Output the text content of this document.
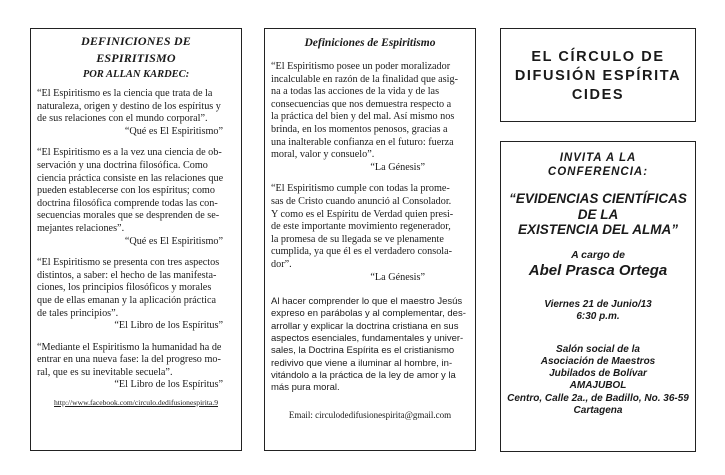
DEFINICIONES DE
ESPIRITISMO
POR ALLAN KARDEC:
“El Espiritismo es la ciencia que trata de la
naturaleza, origen y destino de los espíritus y
de sus relaciones con el mundo corporal”.
“Qué es El Espiritismo”
“El Espiritismo es a la vez una ciencia de ob-
servación y una doctrina filosófica. Como
ciencia práctica consiste en las relaciones que
pueden establecerse con los espíritus; como
doctrina filosófica comprende todas las con-
secuencias morales que se desprenden de se-
mejantes relaciones”.
“Qué es El Espiritismo”
“El Espiritismo se presenta con tres aspectos
distintos, a saber: el hecho de las manifesta-
ciones, los principios filosóficos y morales
que de ellas emanan y la aplicación práctica
de tales principios”.
“El Libro de los Espíritus”
“Mediante el Espiritismo la humanidad ha de
entrar en una nueva fase: la del progreso mo-
ral, que es su inevitable secuela”.
“El Libro de los Espíritus”
http://www.facebook.com/circulo.dedifusionespirita.9
Definiciones de Espiritismo
“El Espiritismo posee un poder moralizador
incalculable en razón de la finalidad que asig-
na a todas las acciones de la vida y de las
consecuencias que nos demuestra respecto a
la práctica del bien y del mal. Así mismo nos
brinda, en los momentos penosos, gracias a
una inalterable confianza en el futuro: fuerza
moral, valor y consuelo”.
“La Génesis”
“El Espiritismo cumple con todas la prome-
sas de Cristo cuando anunció al Consolador.
Y como es el Espíritu de Verdad quien presi-
de este importante movimiento regenerador,
la promesa de su llegada se ve plenamente
cumplida, ya que él es el verdadero consola-
dor”.
“La Génesis”
Al hacer comprender lo que el maestro Jesús
expreso en parábolas y al complementar, des-
arrollar y explicar la doctrina cristiana en sus
aspectos esenciales, fundamentales y univer-
sales, la Doctrina Espírita es el cristianismo
redivivo que viene a iluminar al hombre, in-
vitándolo a la práctica de la ley de amor y la
más pura moral.
Email: circulodedifusionespirita@gmail.com
EL CÍRCULO DE
DIFUSIÓN ESPÍRITA
CIDES
INVITA A LA
CONFERENCIA:
“EVIDENCIAS CIENTÍFICAS
DE LA
EXISTENCIA DEL ALMA”
A cargo de
Abel Prasca Ortega
Viernes 21 de Junio/13
6:30 p.m.
Salón social de la
Asociación de Maestros
Jubilados de Bolívar
AMAJUBOL
Centro, Calle 2a., de Badillo, No. 36-59
Cartagena
